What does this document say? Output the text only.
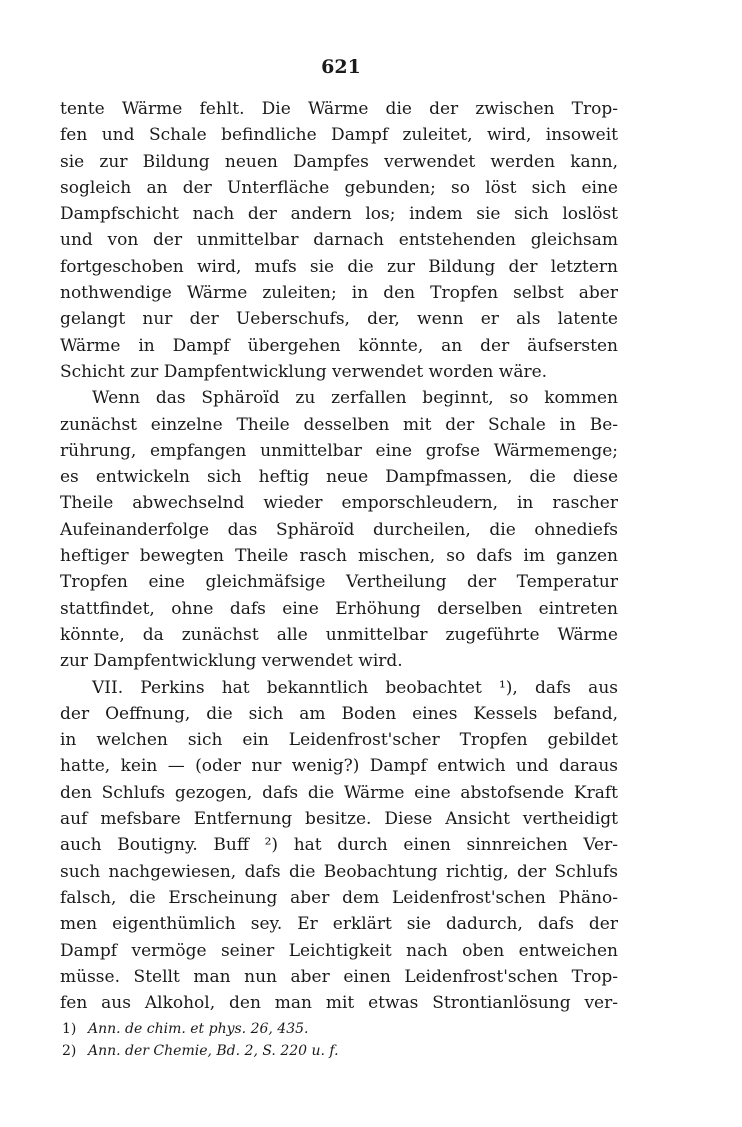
621
tente Wärme fehlt. Die Wärme die der zwischen Trop-
fen und Schale befindliche Dampf zuleitet, wird, insoweit
sie zur Bildung neuen Dampfes verwendet werden kann,
sogleich an der Unterfläche gebunden; so löst sich eine
Dampfschicht nach der andern los; indem sie sich loslöst
und von der unmittelbar darnach entstehenden gleichsam
fortgeschoben wird, mufs sie die zur Bildung der letztern
nothwendige Wärme zuleiten; in den Tropfen selbst aber
gelangt nur der Ueberschufs, der, wenn er als latente
Wärme in Dampf übergehen könnte, an der äufsersten
Schicht zur Dampfentwicklung verwendet worden wäre.
Wenn das Sphäroïd zu zerfallen beginnt, so kommen
zunächst einzelne Theile desselben mit der Schale in Be-
rührung, empfangen unmittelbar eine grofse Wärmemenge;
es entwickeln sich heftig neue Dampfmassen, die diese
Theile abwechselnd wieder emporschleudern, in rascher
Aufeinanderfolge das Sphäroïd durcheilen, die ohnediefs
heftiger bewegten Theile rasch mischen, so dafs im ganzen
Tropfen eine gleichmäfsige Vertheilung der Temperatur
stattfindet, ohne dafs eine Erhöhung derselben eintreten
könnte, da zunächst alle unmittelbar zugeführte Wärme
zur Dampfentwicklung verwendet wird.
VII. Perkins hat bekanntlich beobachtet ¹), dafs aus
der Oeffnung, die sich am Boden eines Kessels befand,
in welchen sich ein Leidenfrost'scher Tropfen gebildet
hatte, kein — (oder nur wenig?) Dampf entwich und daraus
den Schlufs gezogen, dafs die Wärme eine abstofsende Kraft
auf mefsbare Entfernung besitze. Diese Ansicht vertheidigt
auch Boutigny. Buff ²) hat durch einen sinnreichen Ver-
such nachgewiesen, dafs die Beobachtung richtig, der Schlufs
falsch, die Erscheinung aber dem Leidenfrost'schen Phäno-
men eigenthümlich sey. Er erklärt sie dadurch, dafs der
Dampf vermöge seiner Leichtigkeit nach oben entweichen
müsse. Stellt man nun aber einen Leidenfrost'schen Trop-
fen aus Alkohol, den man mit etwas Strontianlösung ver-
1) Ann. de chim. et phys. 26, 435.
2) Ann. der Chemie, Bd. 2, S. 220 u. f.
